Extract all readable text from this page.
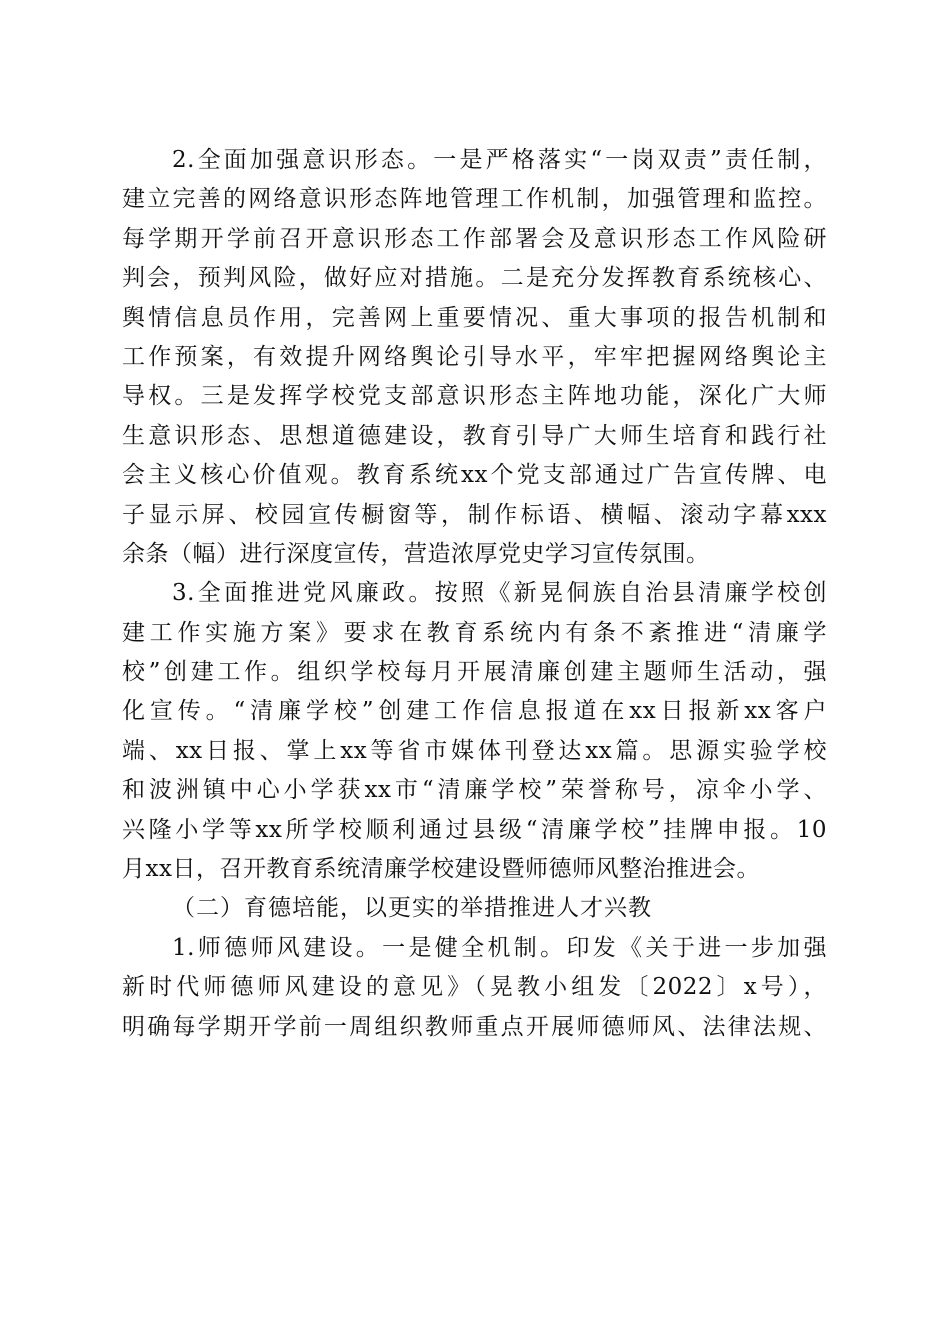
2.全面加强意识形态。一是严格落实“一岗双责”责任制，
建立完善的网络意识形态阵地管理工作机制，加强管理和监控。
每学期开学前召开意识形态工作部署会及意识形态工作风险研
判会，预判风险，做好应对措施。二是充分发挥教育系统核心、
舆情信息员作用，完善网上重要情况、重大事项的报告机制和
工作预案，有效提升网络舆论引导水平，牢牢把握网络舆论主
导权。三是发挥学校党支部意识形态主阵地功能，深化广大师
生意识形态、思想道德建设，教育引导广大师生培育和践行社
会主义核心价值观。教育系统xx个党支部通过广告宣传牌、电
子显示屏、校园宣传橱窗等，制作标语、横幅、滚动字幕xxx
余条（幅）进行深度宣传，营造浓厚党史学习宣传氛围。
3.全面推进党风廉政。按照《新晃侗族自治县清廉学校创
建工作实施方案》要求在教育系统内有条不紊推进“清廉学
校”创建工作。组织学校每月开展清廉创建主题师生活动，强
化宣传。“清廉学校”创建工作信息报道在xx日报新xx客户
端、xx日报、掌上xx等省市媒体刊登达xx篇。思源实验学校
和波洲镇中心小学获xx市“清廉学校”荣誉称号，凉伞小学、
兴隆小学等xx所学校顺利通过县级“清廉学校”挂牌申报。10
月xx日，召开教育系统清廉学校建设暨师德师风整治推进会。
（二）育德培能，以更实的举措推进人才兴教
1.师德师风建设。一是健全机制。印发《关于进一步加强
新时代师德师风建设的意见》（晃教小组发〔2022〕x号），
明确每学期开学前一周组织教师重点开展师德师风、法律法规、
